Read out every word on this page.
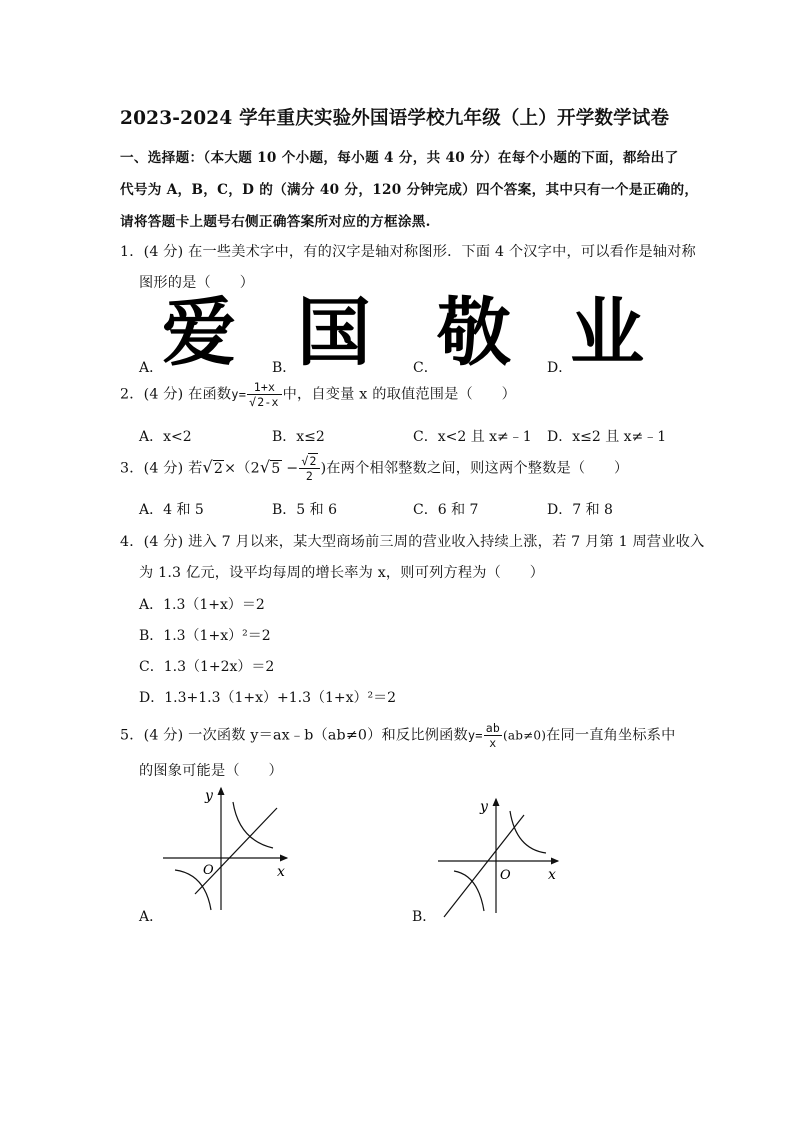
2023-2024 学年重庆实验外国语学校九年级（上）开学数学试卷
一、选择题：（本大题 10 个小题，每小题 4 分，共 40 分）在每个小题的下面，都给出了
代号为 A，B，C，D 的（满分 40 分，120 分钟完成）四个答案，其中只有一个是正确的，
请将答题卡上题号右侧正确答案所对应的方框涂黑.
1．(4 分) 在一些美术字中，有的汉字是轴对称图形．下面 4 个汉字中，可以看作是轴对称
图形的是（　　）
爱 国 敬 业
A．	B．	C．	D．
2．(4 分) 在函数$y= \frac{1+x}{√2-x}$ 中，自变量 x 的取值范围是（　　）
A．x<2	B．x≤2	C．x<2 且 x≠﹣1 D．x≤2 且 x≠﹣1
3．(4 分) 若$√2\times(2√5 - \frac{√2}{2}$ )在两个相邻整数之间，则这两个整数是（　　）
A．4 和 5	B．5 和 6	C．6 和 7	D．7 和 8
4．(4 分) 进入 7 月以来，某大型商场前三周的营业收入持续上涨，若 7 月第 1 周营业收入
为 1.3 亿元，设平均每周的增长率为 x，则可列方程为（　　）
A．1.3（1+x）＝2
B．1.3（1+x）²＝2
C．1.3（1+2x）＝2
D．1.3+1.3（1+x）+1.3（1+x）²＝2
5．(4 分) 一次函数 y＝ax﹣b（ab≠0）和反比例函数$y= \frac{ab}{x} (ab\ne 0)$在同一直角坐标系中
的图象可能是（　　）
O	x
y
A．
O	x
y
B．
